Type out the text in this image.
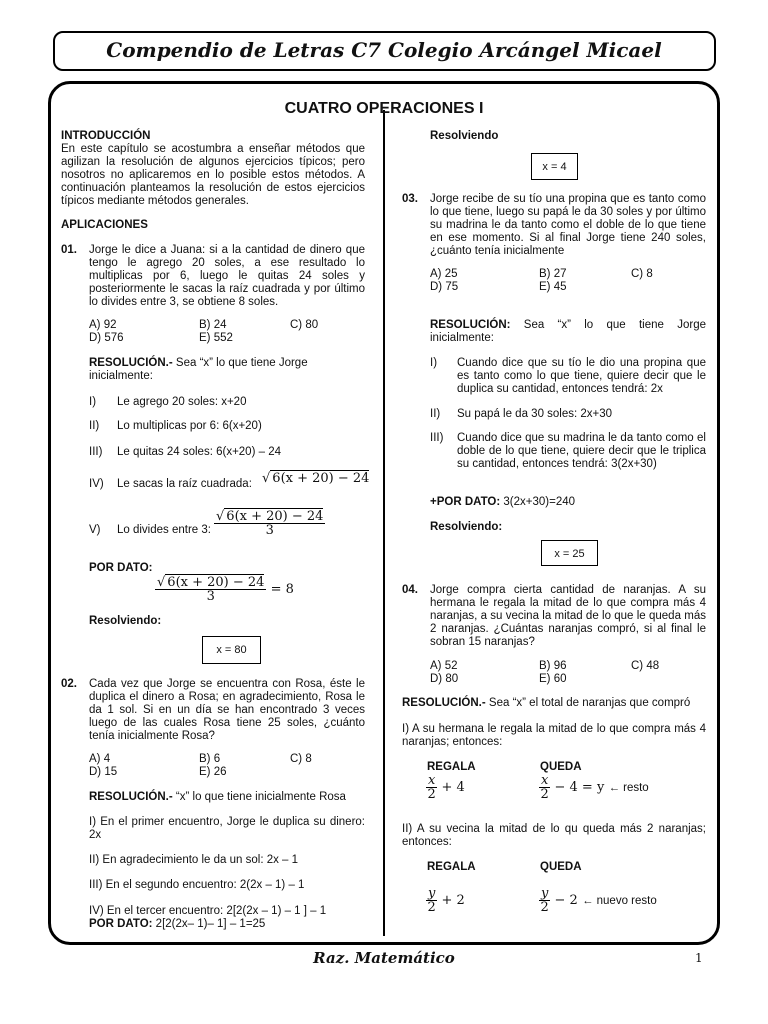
Compendio de Letras C7 Colegio Arcángel Micael
CUATRO OPERACIONES I
INTRODUCCIÓN
En este capítulo se acostumbra a enseñar métodos que agilizan la resolución de algunos ejercicios típicos; pero nosotros no aplicaremos en lo posible estos métodos. A continuación planteamos la resolución de estos ejercicios típicos mediante métodos generales.
APLICACIONES
01. Jorge le dice a Juana: si a la cantidad de dinero que tengo le agrego 20 soles, a ese resultado lo multiplicas por 6, luego le quitas 24 soles y posteriormente le sacas la raíz cuadrada y por último lo divides entre 3, se obtiene 8 soles.
A) 92	B) 24	C) 80
D) 576	E) 552
RESOLUCIÓN.- Sea “x” lo que tiene Jorge inicialmente:
I) Le agrego 20 soles: x+20
II) Lo multiplicas por 6: 6(x+20)
III) Le quitas 24 soles: 6(x+20) – 24
IV) Le sacas la raíz cuadrada: √ 6(x + 20) − 24
V) Lo divides entre 3: $\frac{√ 6(x + 20) - 24}{3}$
POR DATO:
$\frac{√ 6(x + 20) - 24}{3} = 8$
Resolviendo:
x = 80
02. Cada vez que Jorge se encuentra con Rosa, éste le duplica el dinero a Rosa; en agradecimiento, Rosa le da 1 sol. Si en un día se han encontrado 3 veces luego de las cuales Rosa tiene 25 soles, ¿cuánto tenía inicialmente Rosa?
A) 4	B) 6	C) 8
D) 15	E) 26
RESOLUCIÓN.- “x” lo que tiene inicialmente Rosa
I) En el primer encuentro, Jorge le duplica su dinero: 2x
II) En agradecimiento le da un sol: 2x – 1
III) En el segundo encuentro: 2(2x – 1) – 1
IV) En el tercer encuentro: 2[2(2x – 1) – 1 ] – 1
POR DATO: 2[2(2x– 1)– 1] – 1=25
Resolviendo
x = 4
03. Jorge recibe de su tío una propina que es tanto como lo que tiene, luego su papá le da 30 soles y por último su madrina le da tanto como el doble de lo que tiene en ese momento. Si al final Jorge tiene 240 soles, ¿cuánto tenía inicialmente
A) 25	B) 27	C) 8
D) 75	E) 45
RESOLUCIÓN: Sea “x” lo que tiene Jorge inicialmente:
I) Cuando dice que su tío le dio una propina que es tanto como lo que tiene, quiere decir que le duplica su cantidad, entonces tendrá: 2x
II) Su papá le da 30 soles: 2x+30
III) Cuando dice que su madrina le da tanto como el doble de lo que tiene, quiere decir que le triplica su cantidad, entonces tendrá: 3(2x+30)
+POR DATO: 3(2x+30)=240
Resolviendo:
x = 25
04. Jorge compra cierta cantidad de naranjas. A su hermana le regala la mitad de lo que compra más 4 naranjas, a su vecina la mitad de lo que le queda más 2 naranjas. ¿Cuántas naranjas compró, si al final le sobran 15 naranjas?
A) 52	B) 96	C) 48
D) 80	E) 60
RESOLUCIÓN.- Sea “x” el total de naranjas que compró
I) A su hermana le regala la mitad de lo que compra más 4 naranjas; entonces:
REGALA	QUEDA
$\frac{x}{2} + 4$	$\frac{x}{2} - 4 = y$ ← resto
II) A su vecina la mitad de lo qu queda más 2 naranjas; entonces:
REGALA	QUEDA
$\frac{y}{2} + 2$	$\frac{y}{2} - 2$ ← nuevo resto
Raz. Matemático	1
